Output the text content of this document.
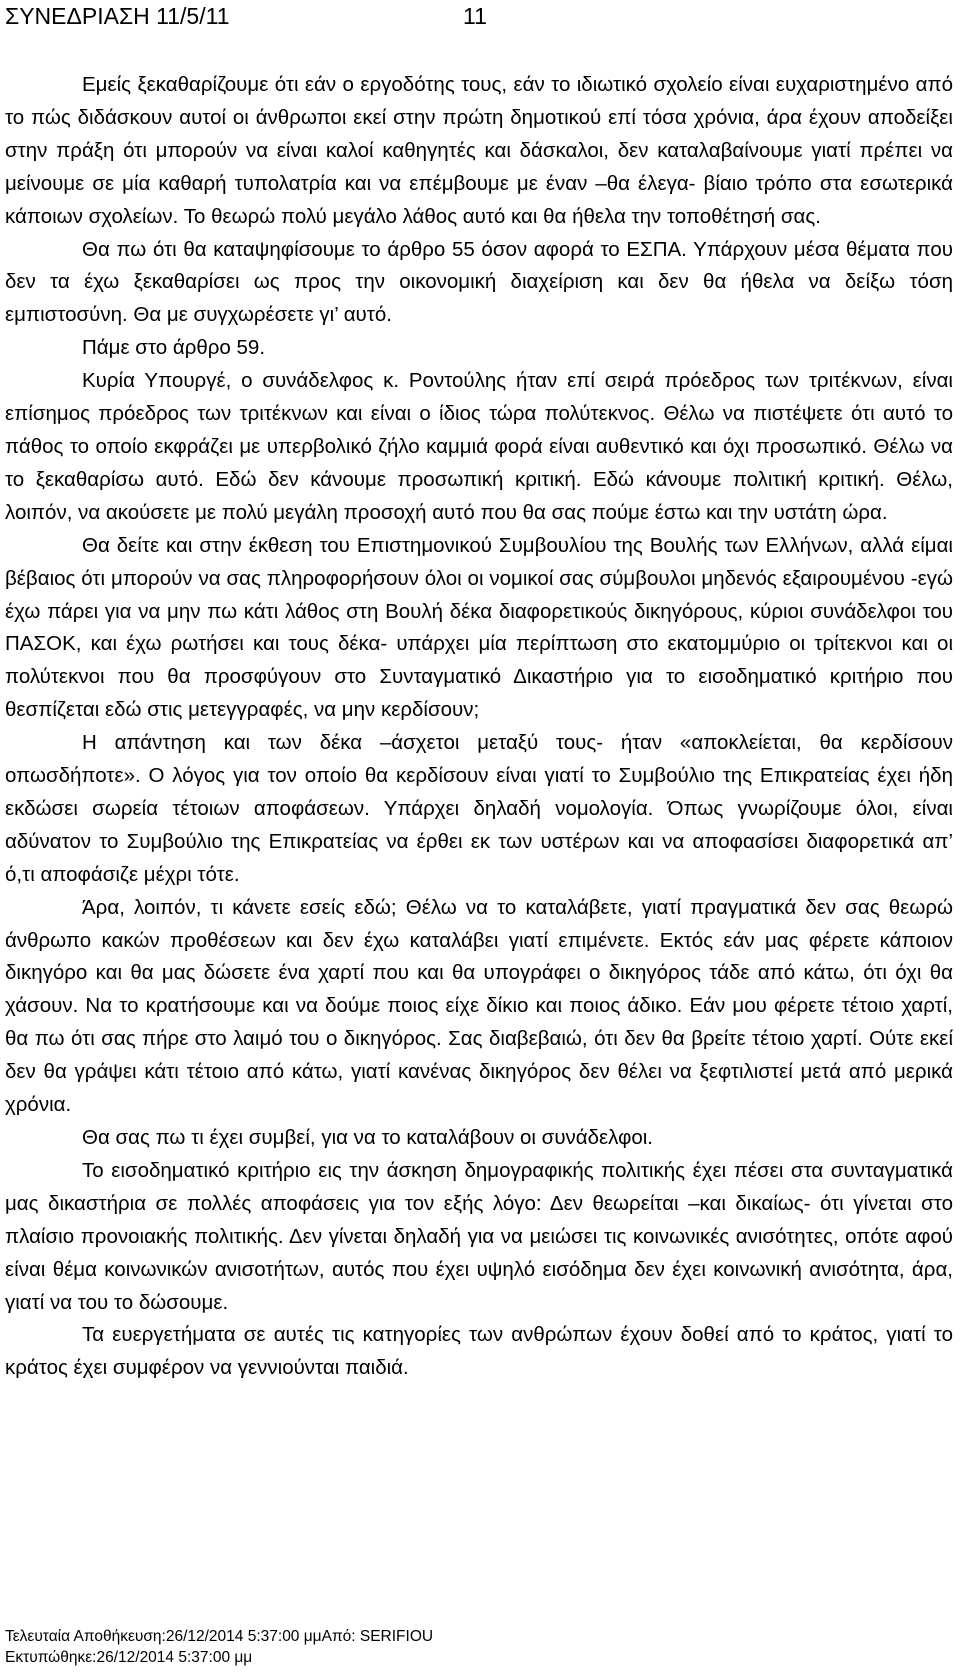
ΣΥΝΕΔΡΙΑΣΗ 11/5/11	11

Εμείς ξεκαθαρίζουμε ότι εάν ο εργοδότης τους, εάν το ιδιωτικό σχολείο είναι ευχαριστημένο από το πώς διδάσκουν αυτοί οι άνθρωποι εκεί στην πρώτη δημοτικού επί τόσα χρόνια, άρα έχουν αποδείξει στην πράξη ότι μπορούν να είναι καλοί καθηγητές και δάσκαλοι, δεν καταλαβαίνουμε γιατί πρέπει να μείνουμε σε μία καθαρή τυπολατρία και να επέμβουμε με έναν –θα έλεγα- βίαιο τρόπο στα εσωτερικά κάποιων σχολείων. Το θεωρώ πολύ μεγάλο λάθος αυτό και θα ήθελα την τοποθέτησή σας.

Θα πω ότι θα καταψηφίσουμε το άρθρο 55 όσον αφορά το ΕΣΠΑ. Υπάρχουν μέσα θέματα που δεν τα έχω ξεκαθαρίσει ως προς την οικονομική διαχείριση και δεν θα ήθελα να δείξω τόση εμπιστοσύνη. Θα με συγχωρέσετε γι’ αυτό.

Πάμε στο άρθρο 59.

Κυρία Υπουργέ, ο συνάδελφος κ. Ροντούλης ήταν επί σειρά πρόεδρος των τριτέκνων, είναι επίσημος πρόεδρος των τριτέκνων και είναι ο ίδιος τώρα πολύτεκνος. Θέλω να πιστέψετε ότι αυτό το πάθος το οποίο εκφράζει με υπερβολικό ζήλο καμμιά φορά είναι αυθεντικό και όχι προσωπικό. Θέλω να το ξεκαθαρίσω αυτό. Εδώ δεν κάνουμε προσωπική κριτική. Εδώ κάνουμε πολιτική κριτική. Θέλω, λοιπόν, να ακούσετε με πολύ μεγάλη προσοχή αυτό που θα σας πούμε έστω και την υστάτη ώρα.

Θα δείτε και στην έκθεση του Επιστημονικού Συμβουλίου της Βουλής των Ελλήνων, αλλά είμαι βέβαιος ότι μπορούν να σας πληροφορήσουν όλοι οι νομικοί σας σύμβουλοι μηδενός εξαιρουμένου -εγώ έχω πάρει για να μην πω κάτι λάθος στη Βουλή δέκα διαφορετικούς δικηγόρους, κύριοι συνάδελφοι του ΠΑΣΟΚ, και έχω ρωτήσει και τους δέκα- υπάρχει μία περίπτωση στο εκατομμύριο οι τρίτεκνοι και οι πολύτεκνοι που θα προσφύγουν στο Συνταγματικό Δικαστήριο για το εισοδηματικό κριτήριο που θεσπίζεται εδώ στις μετεγγραφές, να μην κερδίσουν;

Η απάντηση και των δέκα –άσχετοι μεταξύ τους- ήταν «αποκλείεται, θα κερδίσουν οπωσδήποτε». Ο λόγος για τον οποίο θα κερδίσουν είναι γιατί το Συμβούλιο της Επικρατείας έχει ήδη εκδώσει σωρεία τέτοιων αποφάσεων. Υπάρχει δηλαδή νομολογία. Όπως γνωρίζουμε όλοι, είναι αδύνατον το Συμβούλιο της Επικρατείας να έρθει εκ των υστέρων και να αποφασίσει διαφορετικά απ’ ό,τι αποφάσιζε μέχρι τότε.

Άρα, λοιπόν, τι κάνετε εσείς εδώ; Θέλω να το καταλάβετε, γιατί πραγματικά δεν σας θεωρώ άνθρωπο κακών προθέσεων και δεν έχω καταλάβει γιατί επιμένετε. Εκτός εάν μας φέρετε κάποιον δικηγόρο και θα μας δώσετε ένα χαρτί που και θα υπογράφει ο δικηγόρος τάδε από κάτω, ότι όχι θα χάσουν. Να το κρατήσουμε και να δούμε ποιος είχε δίκιο και ποιος άδικο. Εάν μου φέρετε τέτοιο χαρτί, θα πω ότι σας πήρε στο λαιμό του ο δικηγόρος. Σας διαβεβαιώ, ότι δεν θα βρείτε τέτοιο χαρτί. Ούτε εκεί δεν θα γράψει κάτι τέτοιο από κάτω, γιατί κανένας δικηγόρος δεν θέλει να ξεφτιλιστεί μετά από μερικά χρόνια.

Θα σας πω τι έχει συμβεί, για να το καταλάβουν οι συνάδελφοι.

Το εισοδηματικό κριτήριο εις την άσκηση δημογραφικής πολιτικής έχει πέσει στα συνταγματικά μας δικαστήρια σε πολλές αποφάσεις για τον εξής λόγο: Δεν θεωρείται –και δικαίως- ότι γίνεται στο πλαίσιο προνοιακής πολιτικής. Δεν γίνεται δηλαδή για να μειώσει τις κοινωνικές ανισότητες, οπότε αφού είναι θέμα κοινωνικών ανισοτήτων, αυτός που έχει υψηλό εισόδημα δεν έχει κοινωνική ανισότητα, άρα, γιατί να του το δώσουμε.

Τα ευεργετήματα σε αυτές τις κατηγορίες των ανθρώπων έχουν δοθεί από το κράτος, γιατί το κράτος έχει συμφέρον να γεννιούνται παιδιά.

Τελευταία Αποθήκευση:26/12/2014 5:37:00 μμΑπό: SERIFIOU
Εκτυπώθηκε:26/12/2014 5:37:00 μμ
